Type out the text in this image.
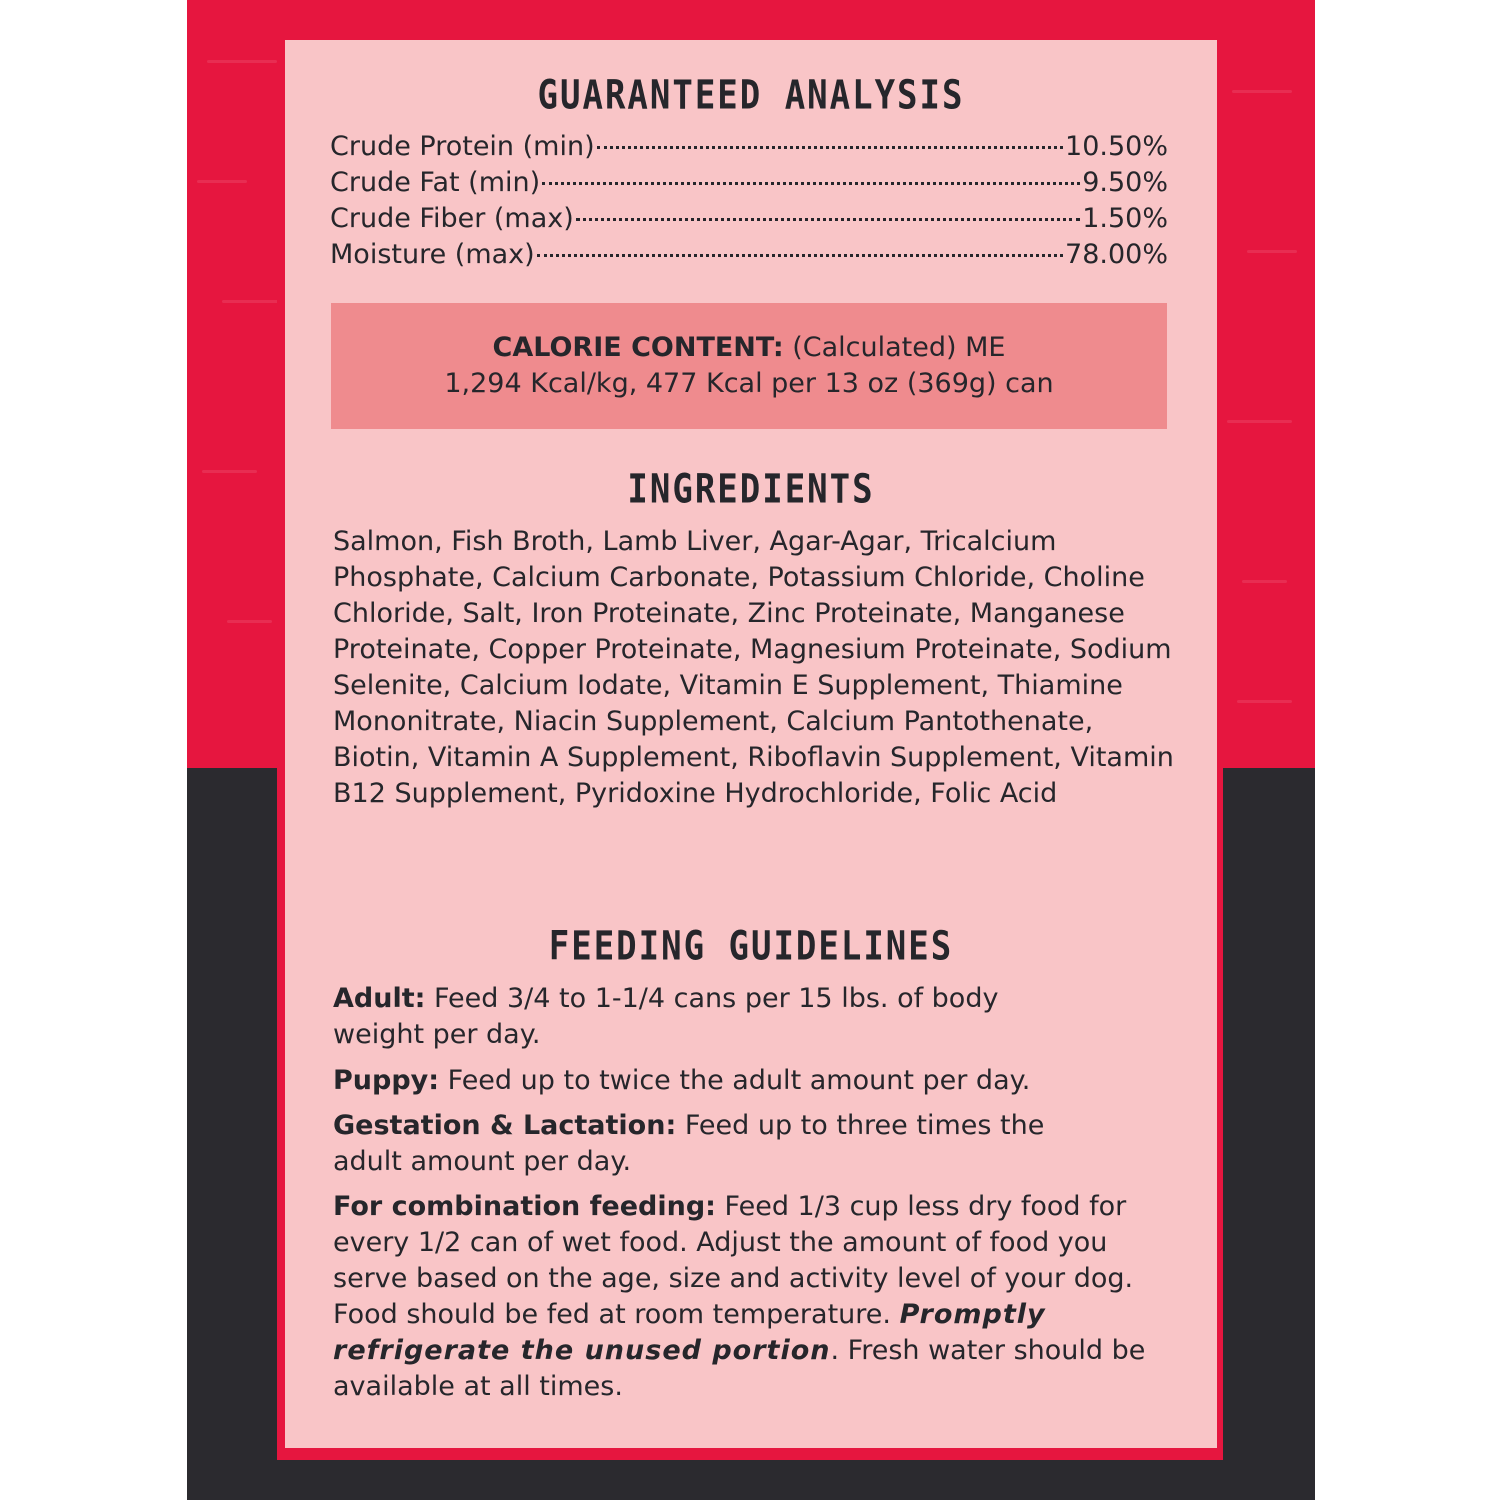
GUARANTEED ANALYSIS
Crude Protein (min)	10.50%
Crude Fat (min)	9.50%
Crude Fiber (max)	1.50%
Moisture (max)	78.00%
CALORIE CONTENT: (Calculated) ME
1,294 Kcal/kg, 477 Kcal per 13 oz (369g) can
INGREDIENTS
Salmon, Fish Broth, Lamb Liver, Agar-Agar, Tricalcium Phosphate, Calcium Carbonate, Potassium Chloride, Choline Chloride, Salt, Iron Proteinate, Zinc Proteinate, Manganese Proteinate, Copper Proteinate, Magnesium Proteinate, Sodium Selenite, Calcium Iodate, Vitamin E Supplement, Thiamine Mononitrate, Niacin Supplement, Calcium Pantothenate, Biotin, Vitamin A Supplement, Riboflavin Supplement, Vitamin B12 Supplement, Pyridoxine Hydrochloride, Folic Acid
FEEDING GUIDELINES
Adult: Feed 3/4 to 1-1/4 cans per 15 lbs. of body weight per day.
Puppy: Feed up to twice the adult amount per day.
Gestation & Lactation: Feed up to three times the adult amount per day.
For combination feeding: Feed 1/3 cup less dry food for every 1/2 can of wet food. Adjust the amount of food you serve based on the age, size and activity level of your dog. Food should be fed at room temperature. Promptly refrigerate the unused portion. Fresh water should be available at all times.
